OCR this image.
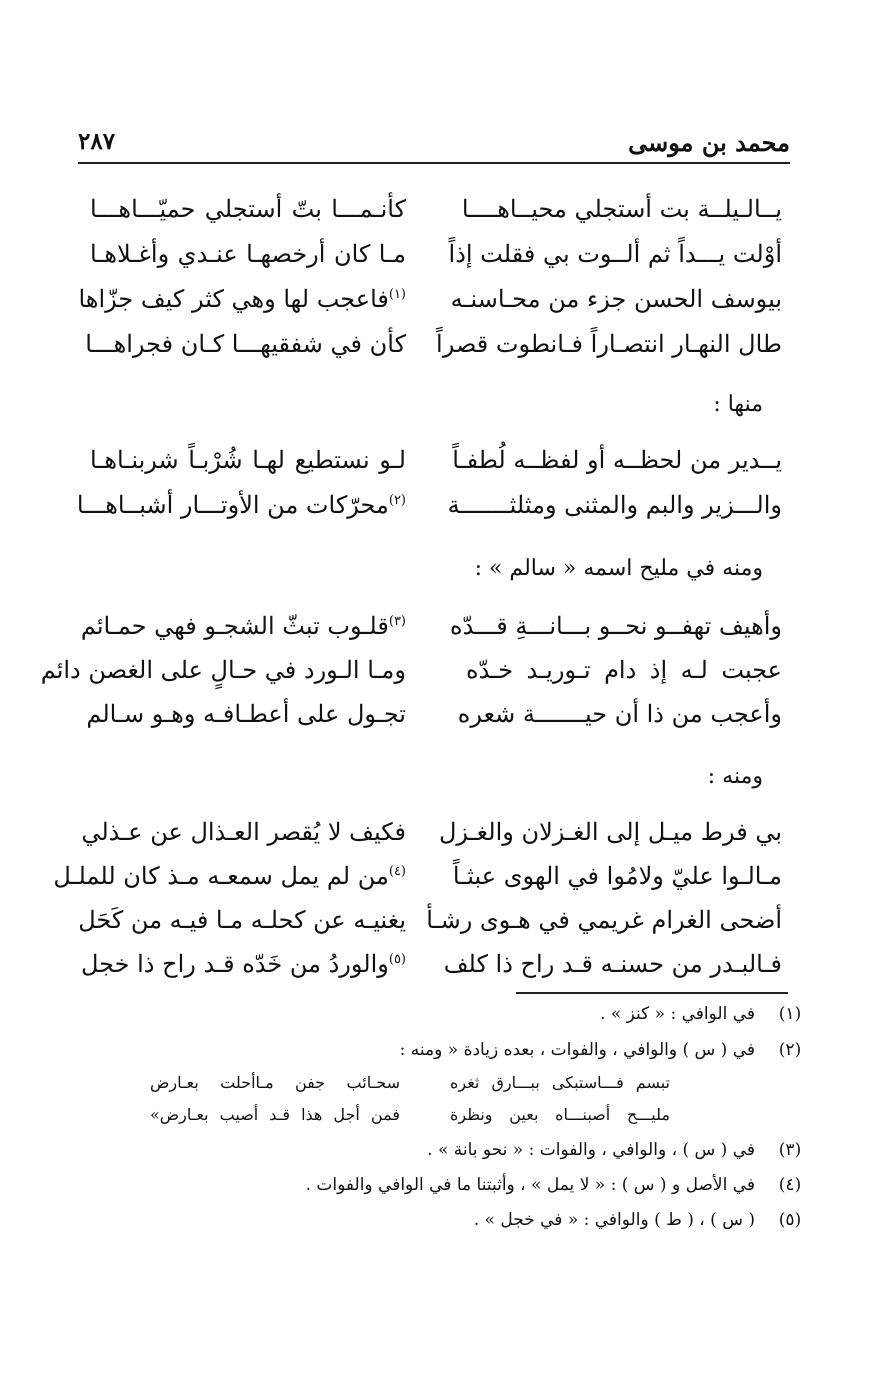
محمد بن موسى
٢٨٧
يــالـيلــة بت أستجلي محيــاهــــا
كأنـمـــا بتّ أستجلي حميّـــاهـــا
أوْلت يـــداً ثم ألــوت بي فقلت إذاً
مـا كان أرخصهـا عنـدي وأغـلاهـا
بيوسف الحسن جزء من محـاسنـه
$^{(١)}$فاعجب لها وهي كثر كيف جزّاها
طال النهـار انتصـاراً فـانطوت قصراً
كأن في شفقيهـــا كـان فجراهـــا
منها :
يــدير من لحظــه أو لفظــه لُطفـاً
لـو نستطيع لهـا شُرْبـاً شربنـاهـا
والـــزير والبم والمثنى ومثلثـــــــة
$^{(٢)}$محرّكات من الأوتـــار أشبــاهـــا
ومنه في مليح اسمه « سالم » :
وأهيف تهفــو نحــو بـــانـــةِ قـــدّه
$^{(٣)}$قلـوب تبثّ الشجـو فهي حمـائم
عجبت لـه إذ دام تـوريـد خـدّه
ومـا الـورد في حـالٍ على الغصن دائم
وأعجب من ذا أن حيـــــــة شعره
تجـول على أعطـافـه وهـو سـالم
ومنه :
بي فرط ميـل إلى الغـزلان والغـزل
فكيف لا يُقصر العـذال عن عـذلي
مـالـوا عليّ ولامُوا في الهوى عبثـاً
$^{(٤)}$من لم يمل سمعـه مـذ كان للملـل
أضحى الغرام غريمي في هـوى رشـأ
يغنيـه عن كحلـه مـا فيـه من كَحَل
فـالبـدر من حسنـه قـد راح ذا كلف
$^{(٥)}$والوردُ من خَدّه قـد راح ذا خجل
(١)
في الوافي : « كنز » .
(٢)
في ( س ) والوافي ، والفوات ، بعده زيادة « ومنه :
تبسم فـــاستبكى ببـــارق ثغره
سحـائب جفن مـاأحلت بعـارض
مليـــح أصبنـــاه بعين ونظرة
فمن أجل هذا قـد أصيب بعـارض»
(٣)
في ( س ) ، والوافي ، والفوات : « نحو بانة » .
(٤)
في الأصل و ( س ) : « لا يمل » ، وأثبتنا ما في الوافي والفوات .
(٥)
( س ) ، ( ط ) والوافي : « في خجل » .
